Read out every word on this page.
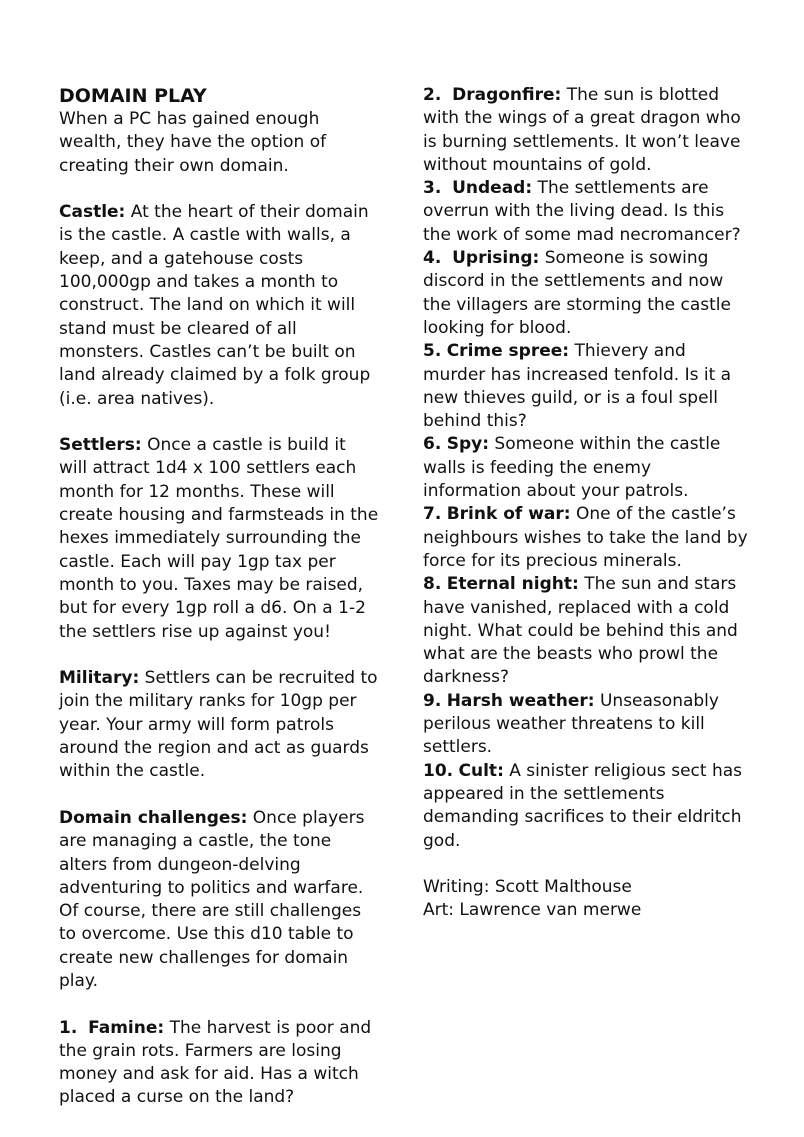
DOMAIN PLAY

When a PC has gained enough wealth, they have the option of creating their own domain.

Castle: At the heart of their domain is the castle. A castle with walls, a keep, and a gatehouse costs 100,000gp and takes a month to construct. The land on which it will stand must be cleared of all monsters. Castles can’t be built on land already claimed by a folk group (i.e. area natives).

Settlers: Once a castle is build it will attract 1d4 x 100 settlers each month for 12 months. These will create housing and farmsteads in the hexes immediately surrounding the castle. Each will pay 1gp tax per month to you. Taxes may be raised, but for every 1gp roll a d6. On a 1-2 the settlers rise up against you!

Military: Settlers can be recruited to join the military ranks for 10gp per year. Your army will form patrols around the region and act as guards within the castle.

Domain challenges: Once players are managing a castle, the tone alters from dungeon-delving adventuring to politics and warfare. Of course, there are still challenges to overcome. Use this d10 table to create new challenges for domain play.

1. Famine: The harvest is poor and the grain rots. Farmers are losing money and ask for aid. Has a witch placed a curse on the land?

2. Dragonfire: The sun is blotted with the wings of a great dragon who is burning settlements. It won’t leave without mountains of gold.

3. Undead: The settlements are overrun with the living dead. Is this the work of some mad necromancer?

4. Uprising: Someone is sowing discord in the settlements and now the villagers are storming the castle looking for blood.

5. Crime spree: Thievery and murder has increased tenfold. Is it a new thieves guild, or is a foul spell behind this?

6. Spy: Someone within the castle walls is feeding the enemy information about your patrols.

7. Brink of war: One of the castle’s neighbours wishes to take the land by force for its precious minerals.

8. Eternal night: The sun and stars have vanished, replaced with a cold night. What could be behind this and what are the beasts who prowl the darkness?

9. Harsh weather: Unseasonably perilous weather threatens to kill settlers.

10. Cult: A sinister religious sect has appeared in the settlements demanding sacrifices to their eldritch god.

Writing: Scott Malthouse

Art: Lawrence van merwe
